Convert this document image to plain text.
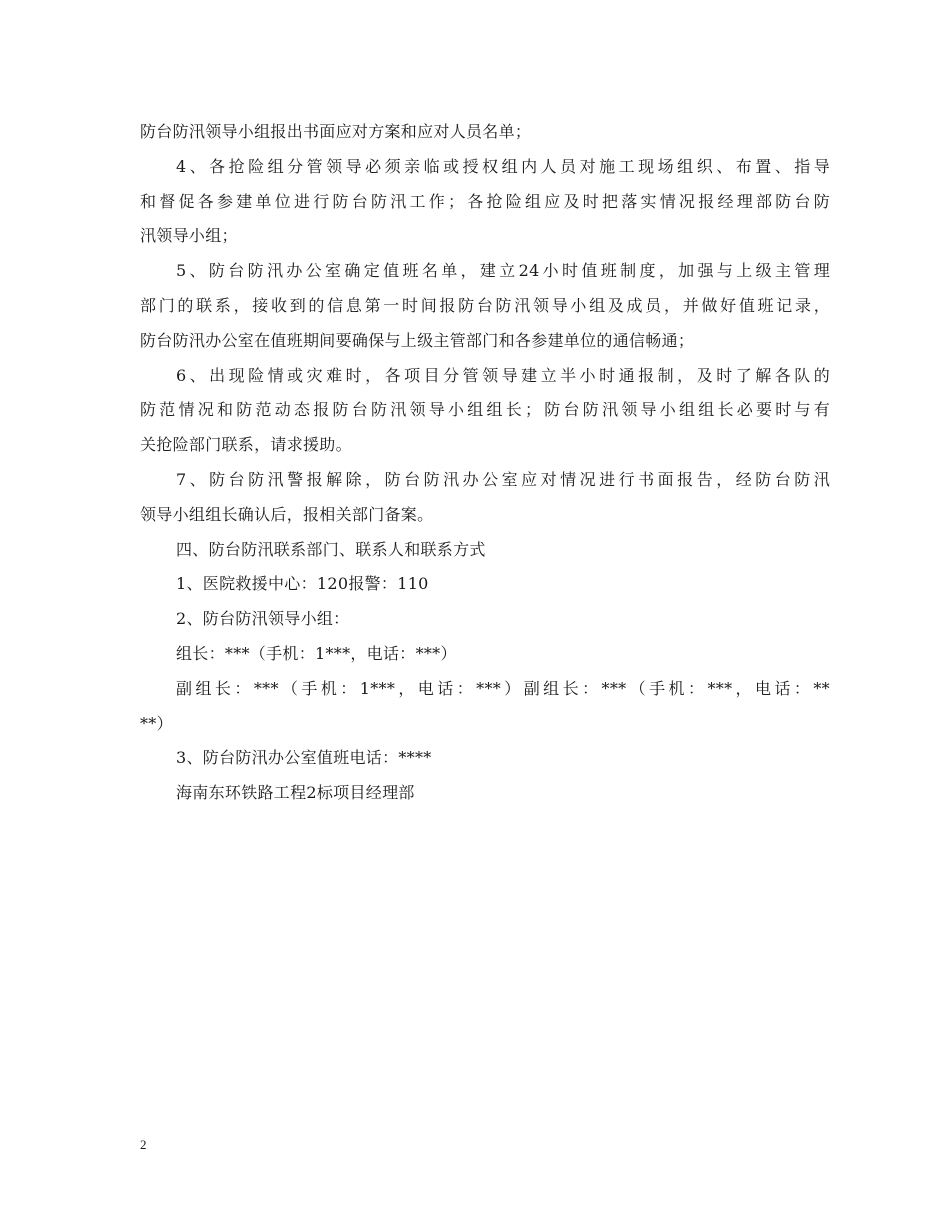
防台防汛领导小组报出书面应对方案和应对人员名单；
4、各抢险组分管领导必须亲临或授权组内人员对施工现场组织、布置、指导
和督促各参建单位进行防台防汛工作；各抢险组应及时把落实情况报经理部防台防
汛领导小组；
5、防台防汛办公室确定值班名单，建立24小时值班制度，加强与上级主管理
部门的联系，接收到的信息第一时间报防台防汛领导小组及成员，并做好值班记录，
防台防汛办公室在值班期间要确保与上级主管部门和各参建单位的通信畅通；
6、出现险情或灾难时，各项目分管领导建立半小时通报制，及时了解各队的
防范情况和防范动态报防台防汛领导小组组长；防台防汛领导小组组长必要时与有
关抢险部门联系，请求援助。
7、防台防汛警报解除，防台防汛办公室应对情况进行书面报告，经防台防汛
领导小组组长确认后，报相关部门备案。
四、防台防汛联系部门、联系人和联系方式
1、医院救援中心：120报警：110
2、防台防汛领导小组：
组长：***（手机：1***，电话：***）
副组长：***（手机：1***，电话：***）副组长：***（手机：***，电话：**
**）
3、防台防汛办公室值班电话：****
海南东环铁路工程2标项目经理部
2
